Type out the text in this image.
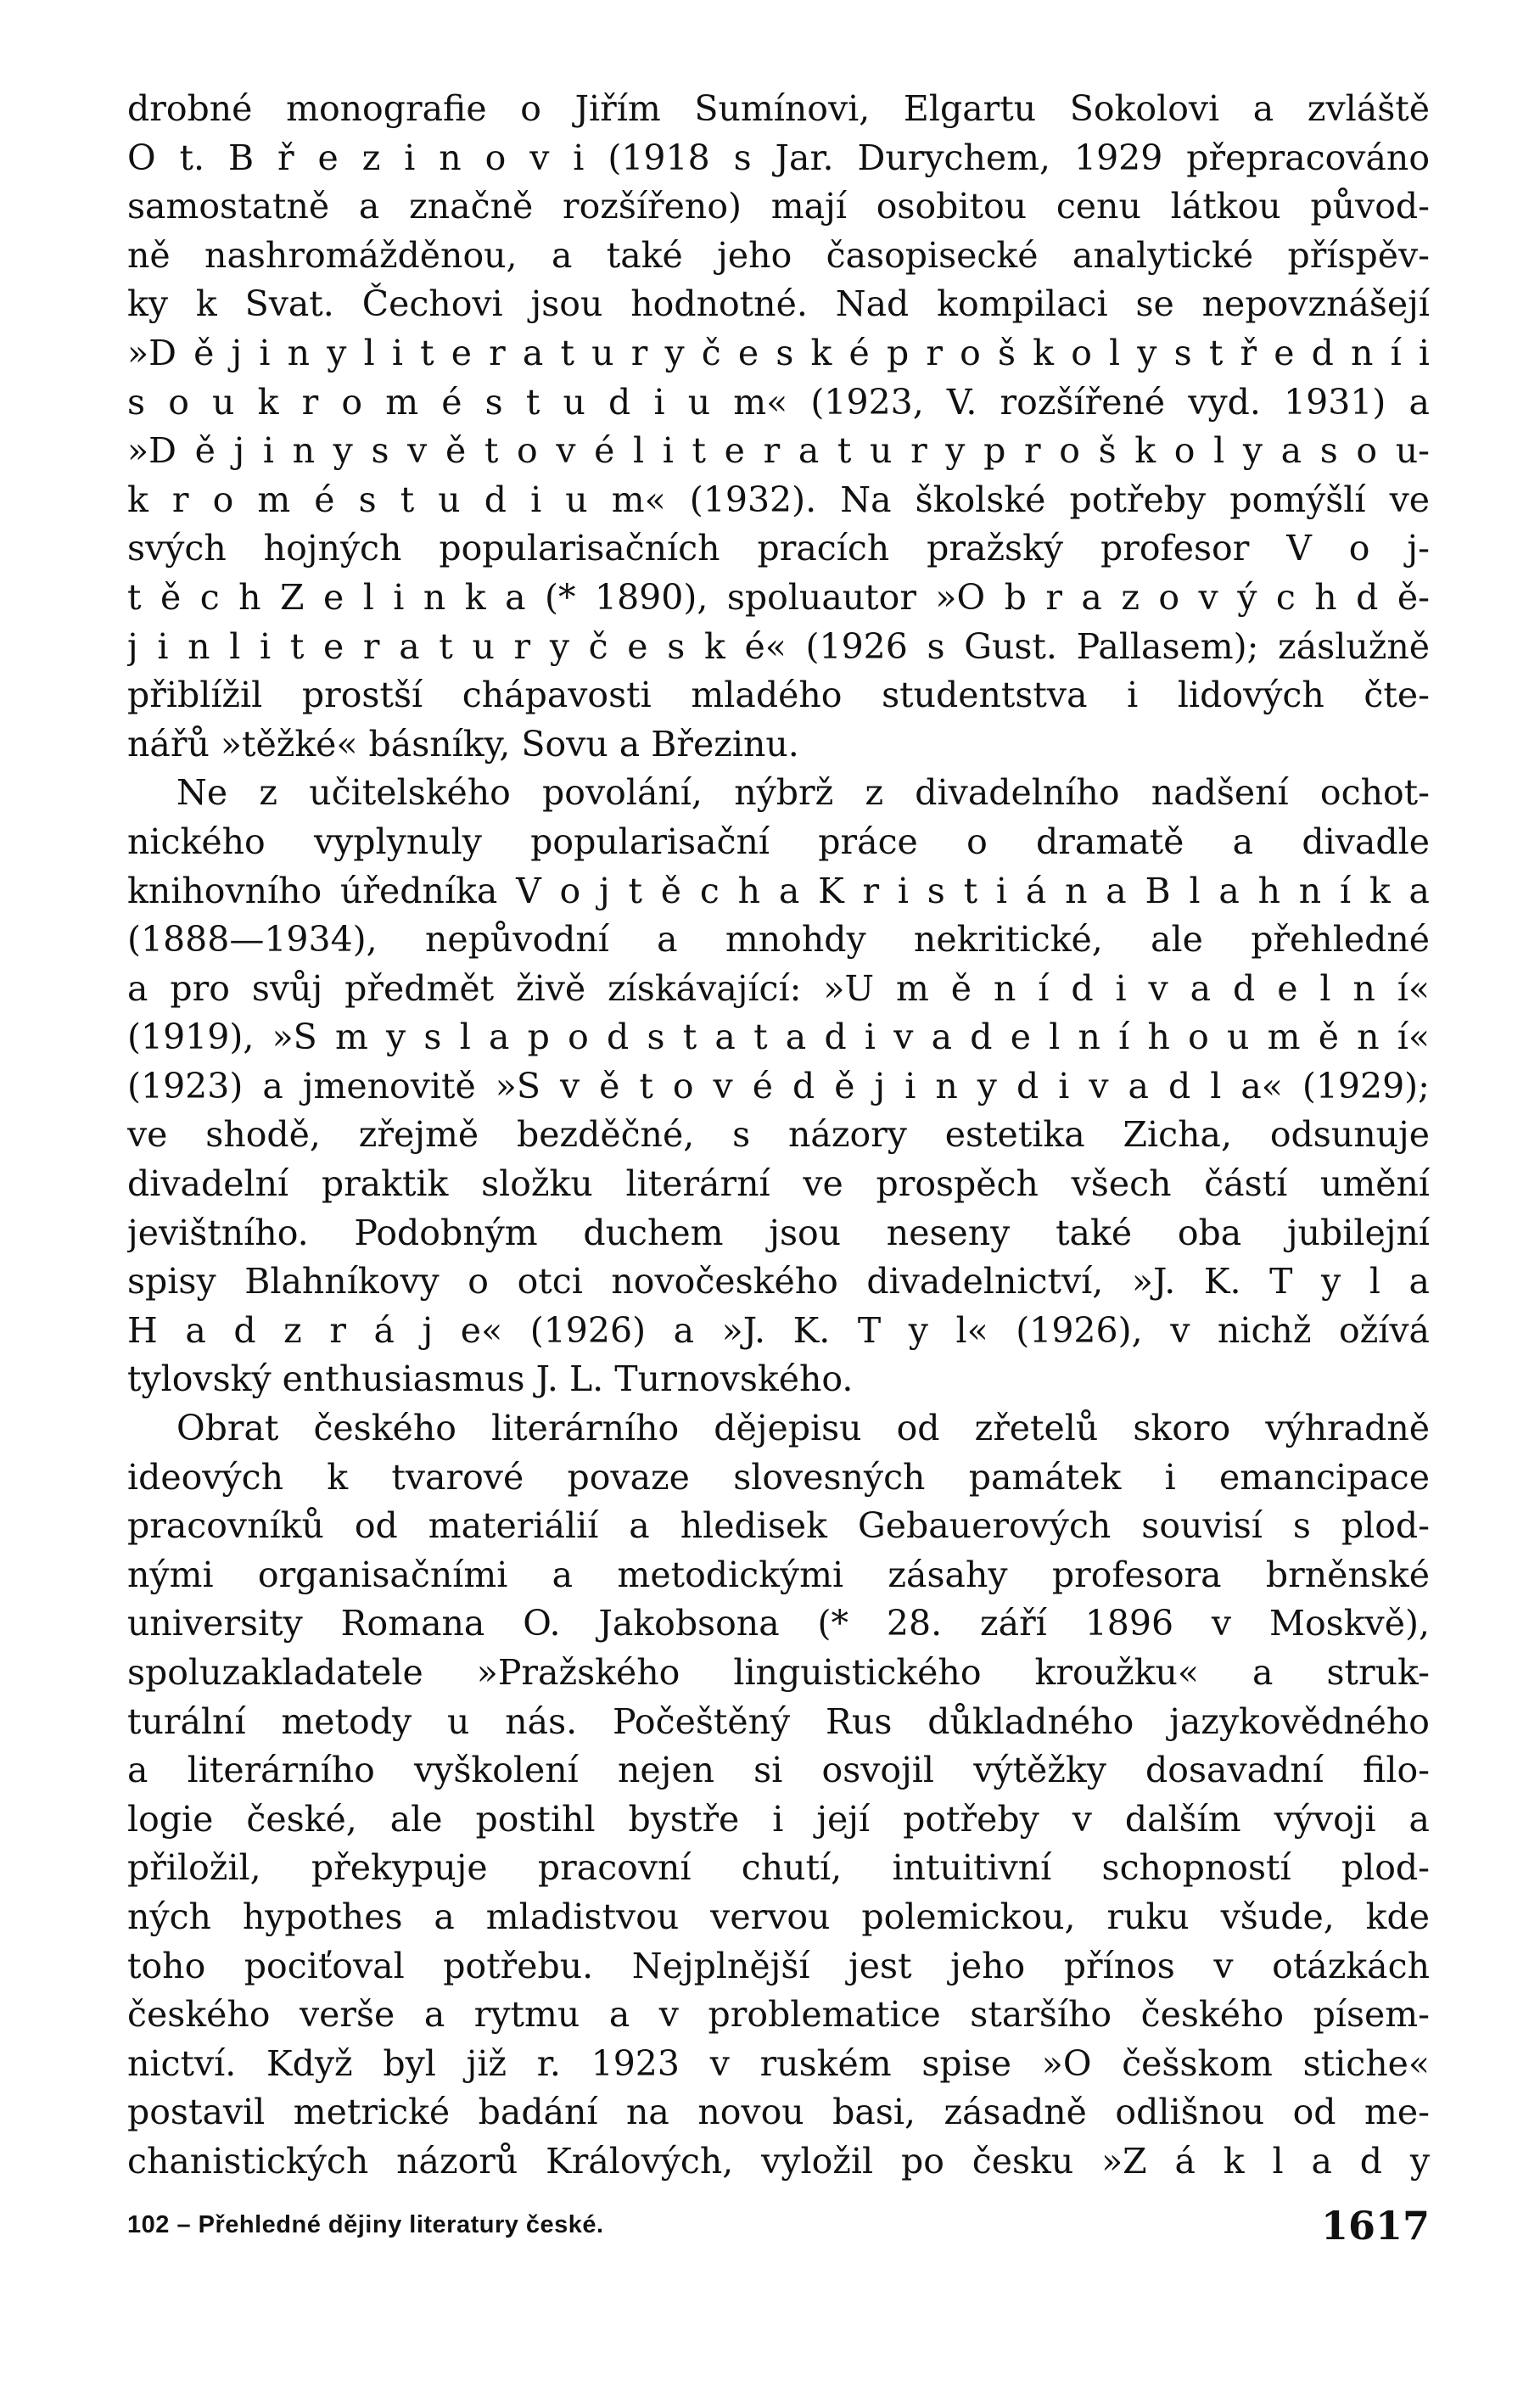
drobné monografie o Jiřím Sumínovi, Elgartu Sokolovi a zvláště
O t. B ř e z i n o v i (1918 s Jar. Durychem, 1929 přepracováno
samostatně a značně rozšířeno) mají osobitou cenu látkou původ-
ně nashromážděnou, a také jeho časopisecké analytické příspěv-
ky k Svat. Čechovi jsou hodnotné. Nad kompilaci se nepovznášejí
»D ě j i n y l i t e r a t u r y č e s k é p r o š k o l y s t ř e d n í i
s o u k r o m é s t u d i u m« (1923, V. rozšířené vyd. 1931) a
»D ě j i n y s v ě t o v é l i t e r a t u r y p r o š k o l y a s o u-
k r o m é s t u d i u m« (1932). Na školské potřeby pomýšlí ve
svých hojných popularisačních pracích pražský profesor V o j-
t ě c h Z e l i n k a (* 1890), spoluautor »O b r a z o v ý c h d ě-
j i n l i t e r a t u r y č e s k é« (1926 s Gust. Pallasem); záslužně
přiblížil prostší chápavosti mladého studentstva i lidových čte-
nářů »těžké« básníky, Sovu a Březinu.
Ne z učitelského povolání, nýbrž z divadelního nadšení ochot-
nického vyplynuly popularisační práce o dramatě a divadle
knihovního úředníka V o j t ě c h a K r i s t i á n a B l a h n í k a
(1888—1934), nepůvodní a mnohdy nekritické, ale přehledné
a pro svůj předmět živě získávající: »U m ě n í d i v a d e l n í«
(1919), »S m y s l a p o d s t a t a d i v a d e l n í h o u m ě n í«
(1923) a jmenovitě »S v ě t o v é d ě j i n y d i v a d l a« (1929);
ve shodě, zřejmě bezděčné, s názory estetika Zicha, odsunuje
divadelní praktik složku literární ve prospěch všech částí umění
jevištního. Podobným duchem jsou neseny také oba jubilejní
spisy Blahníkovy o otci novočeského divadelnictví, »J. K. T y l a
H a d z r á j e« (1926) a »J. K. T y l« (1926), v nichž ožívá
tylovský enthusiasmus J. L. Turnovského.
Obrat českého literárního dějepisu od zřetelů skoro výhradně
ideových k tvarové povaze slovesných památek i emancipace
pracovníků od materiálií a hledisek Gebauerových souvisí s plod-
nými organisačními a metodickými zásahy profesora brněnské
university Romana O. Jakobsona (* 28. září 1896 v Moskvě),
spoluzakladatele »Pražského linguistického kroužku« a struk-
turální metody u nás. Počeštěný Rus důkladného jazykovědného
a literárního vyškolení nejen si osvojil výtěžky dosavadní filo-
logie české, ale postihl bystře i její potřeby v dalším vývoji a
přiložil, překypuje pracovní chutí, intuitivní schopností plod-
ných hypothes a mladistvou vervou polemickou, ruku všude, kde
toho pociťoval potřebu. Nejplnější jest jeho přínos v otázkách
českého verše a rytmu a v problematice staršího českého písem-
nictví. Když byl již r. 1923 v ruském spise »O češskom stiche«
postavil metrické badání na novou basi, zásadně odlišnou od me-
chanistických názorů Králových, vyložil po česku »Z á k l a d y
102 – Přehledné dějiny literatury české.	1617
